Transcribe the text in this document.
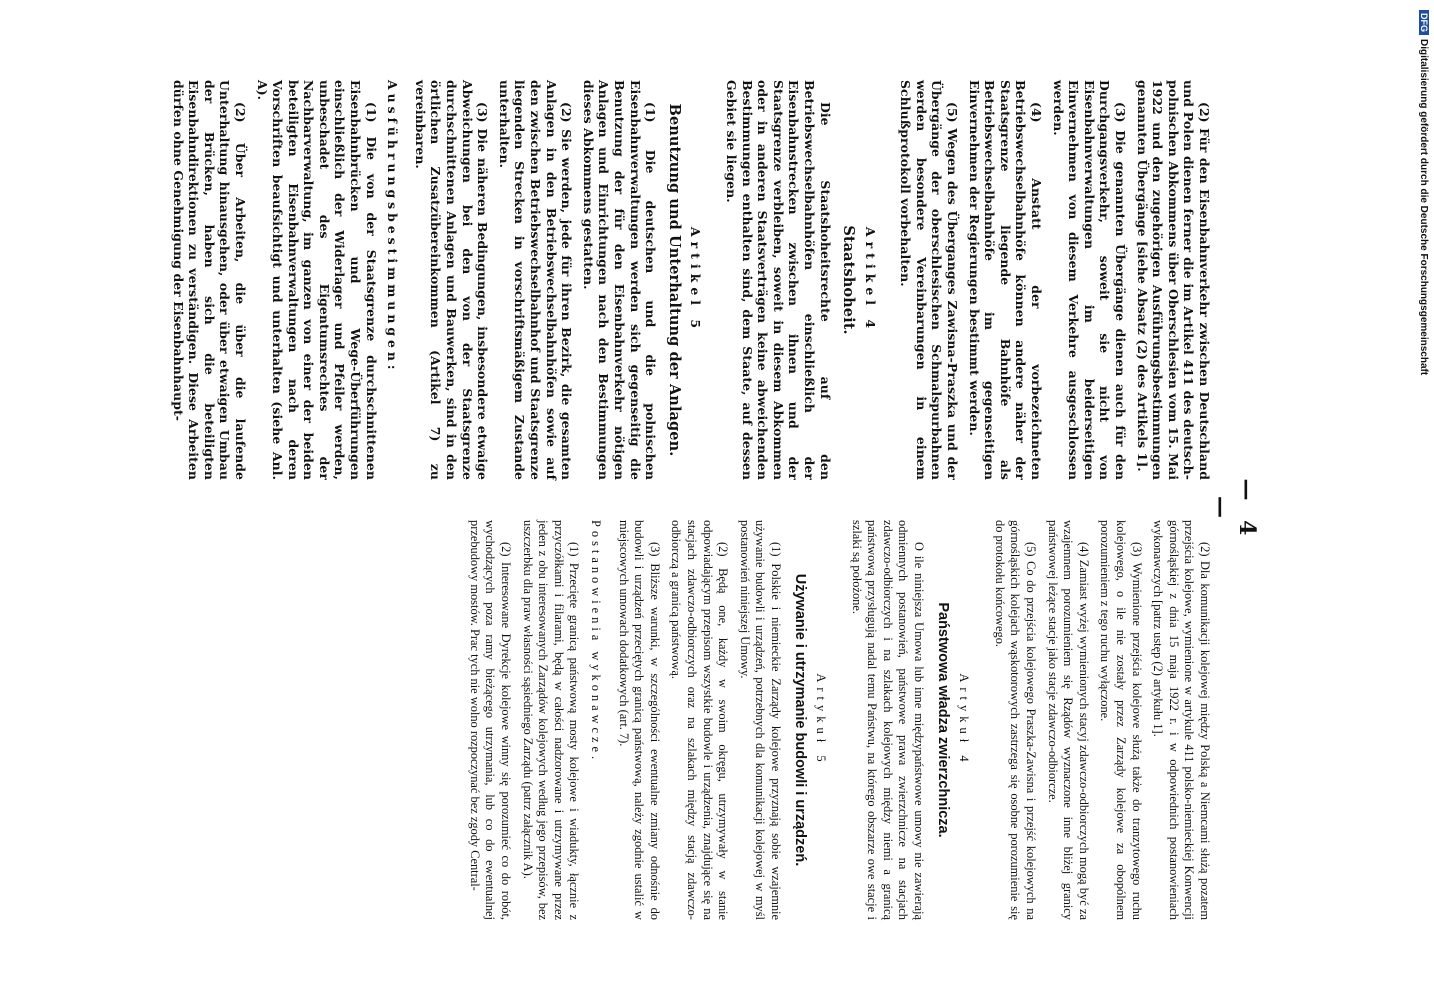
— 4 —

(2) Für den Eisenbahnverkehr zwischen Deutschland und Polen dienen ferner die im Artikel 411 des deutsch-polnischen Abkommens über Oberschlesien vom 15. Mai 1922 und den zugehörigen Ausführungsbestimmungen genannten Übergänge [siehe Absatz (2) des Artikels 1].

(3) Die genannten Übergänge dienen auch für den Durchgangsverkehr, soweit sie nicht von Eisenbahnverwaltungen im beiderseitigen Einvernehmen von diesem Verkehre ausgeschlossen werden.

(4) Anstatt der vorbezeichneten Betriebswechselbahnhöfe können andere näher der Staatsgrenze liegende Bahnhöfe als Betriebswechselbahnhöfe im gegenseitigen Einvernehmen der Regierungen bestimmt werden.

(5) Wegen des Überganges Zawisna-Praszka und der Übergänge der oberschlesischen Schmalspurbahnen werden besondere Vereinbarungen in einem Schlußprotokoll vorbehalten.

Artikel 4
Staatshoheit.

Die Staatshoheitsrechte auf den Betriebswechselbahnhöfen einschließlich der Eisenbahnstrecken zwischen ihnen und der Staatsgrenze verbleiben, soweit in diesem Abkommen oder in anderen Staatsverträgen keine abweichenden Bestimmungen enthalten sind, dem Staate, auf dessen Gebiet sie liegen.

Artikel 5
Benutzung und Unterhaltung der Anlagen.

(1) Die deutschen und die polnischen Eisenbahnverwaltungen werden sich gegenseitig die Benutzung der für den Eisenbahnverkehr nötigen Anlagen und Einrichtungen nach den Bestimmungen dieses Abkommens gestatten.

(2) Sie werden, jede für ihren Bezirk, die gesamten Anlagen in den Betriebswechselbahnhöfen sowie auf den zwischen Betriebswechselbahnhof und Staatsgrenze liegenden Strecken in vorschriftsmäßigem Zustande unterhalten.

(3) Die näheren Bedingungen, insbesondere etwaige Abweichungen bei den von der Staatsgrenze durchschnittenen Anlagen und Bauwerken, sind in den örtlichen Zusatzübereinkommen (Artikel 7) zu vereinbaren.

Ausführungsbestimmungen:

(1) Die von der Staatsgrenze durchschnittenen Eisenbahnbrücken und Wege-Überführungen einschließlich der Widerlager und Pfeiler werden, unbeschadet des Eigentumsrechtes der Nachbarverwaltung, im ganzen von einer der beiden beteiligten Eisenbahnverwaltungen nach deren Vorschriften beaufsichtigt und unterhalten (siehe Anl. A).

(2) Über Arbeiten, die über die laufende Unterhaltung hinausgehen, oder über etwaigen Umbau der Brücken, haben sich die beteiligten Eisenbahndirektionen zu verständigen. Diese Arbeiten dürfen ohne Genehmigung der Eisenbahnhaupt-

(2) Dla komunikacji kolejowej między Polską a Niemcami służą pozatem przejścia kolejowe, wymienione w artykule 411 polsko-niemieckiej Konwencji górnośląskiej z dnia 15 maja 1922 r. i w odpowiednich postanowieniach wykonawczych [patrz ustęp (2) artykułu 1].

(3) Wymienione przejścia kolejowe służą także do tranzytowego ruchu kolejowego, o ile nie zostały przez Zarządy kolejowe za obopólnem porozumieniem z tego ruchu wyłączone.

(4) Zamiast wyżej wymienionych stacyj zdawczo-odbiorczych mogą być za wzajemnem porozumieniem się Rządów wyznaczone inne bliżej granicy państwowej leżące stacje jako stacje zdawczo-odbiorcze.

(5) Co do przejścia kolejowego Praszka-Zawisna i przejść kolejowych na górnośląskich kolejach wąskotorowych zastrzega się osobne porozumienie się do protokołu końcowego.

Artykuł 4
Państwowa władza zwierzchnicza.

O ile niniejsza Umowa lub inne międzypaństwowe umowy nie zawierają odmiennych postanowień, państwowe prawa zwierzchnicze na stacjach zdawczo-odbiorczych i na szlakach kolejowych między niemi a granicą państwową przysługują nadal temu Państwu, na którego obszarze owe stacje i szlaki są położone.

Artykuł 5
Używanie i utrzymanie budowli i urządzeń.

(1) Polskie i niemieckie Zarządy kolejowe przyznają sobie wzajemnie używanie budowli i urządzeń, potrzebnych dla komunikacji kolejowej w myśl postanowień niniejszej Umowy.

(2) Będą one, każdy w swoim okręgu, utrzymywały w stanie odpowiadającym przepisom wszystkie budowle i urządzenia, znajdujące się na stacjach zdawczo-odbiorczych oraz na szlakach między stacją zdawczo-odbiorczą a granicą państwową.

(3) Bliższe warunki, w szczególności ewentualne zmiany odnośnie do budowli i urządzeń przeciętych granicą państwową, należy zgodnie ustalić w miejscowych umowach dodatkowych (art. 7).

Postanowienia wykonawcze.

(1) Przecięte granicą państwową mosty kolejowe i wiadukty, łącznie z przyczółkami i filarami, będą w całości nadzorowane i utrzymywane przez jeden z obu interesowanych Zarządów kolejowych według jego przepisów, bez uszczerbku dla praw własności sąsiedniego Zarządu (patrz załącznik A).

(2) Interesowane Dyrekcje kolejowe winny się porozumieć co do robót, wychodzących poza ramy bieżącego utrzymania, lub co do ewentualnej przebudowy mostów. Prac tych nie wolno rozpoczynać bez zgody Central-

DFGDigitalisierung gefördert durch die Deutsche Forschungsgemeinschaft
